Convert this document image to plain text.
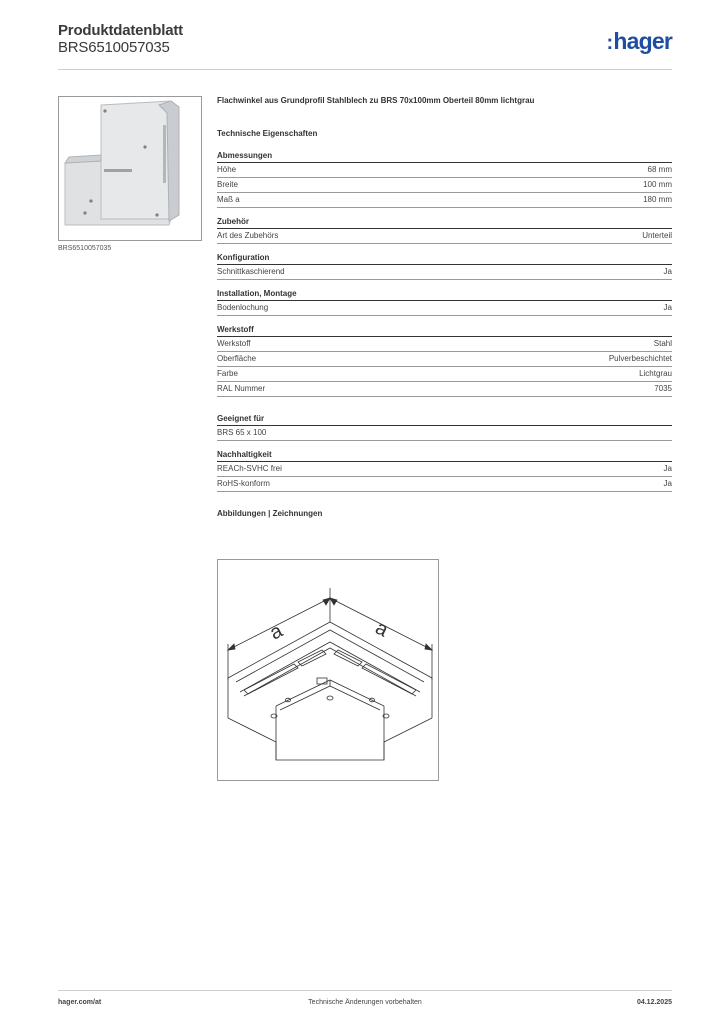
Produktdatenblatt
BRS6510057035	:hager
BRS6510057035
Flachwinkel aus Grundprofil Stahlblech zu BRS 70x100mm Oberteil 80mm lichtgrau
Technische Eigenschaften
Abmessungen
Höhe	68 mm
Breite	100 mm
Maß a	180 mm
Zubehör
Art des Zubehörs	Unterteil
Konfiguration
Schnittkaschierend	Ja
Installation, Montage
Bodenlochung	Ja
Werkstoff
Werkstoff	Stahl
Oberfläche	Pulverbeschichtet
Farbe	Lichtgrau
RAL Nummer	7035
Geeignet für
BRS 65 x 100
Nachhaltigkeit
REACh-SVHC frei	Ja
RoHS-konform	Ja
Abbildungen | Zeichnungen
a	a
hager.com/at	Technische Änderungen vorbehalten	04.12.2025
